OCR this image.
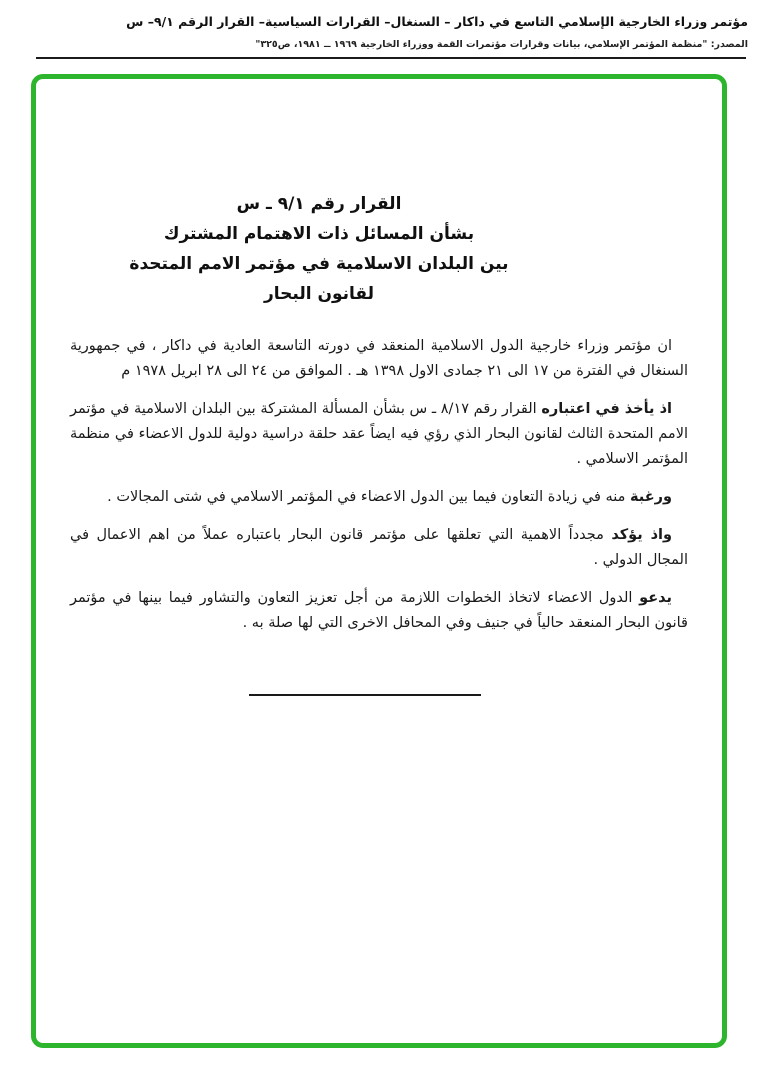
مؤتمر وزراء الخارجية الإسلامي التاسع في داكار – السنغال– القرارات السياسية– القرار الرقم ٩/١– س
المصدر: "منظمة المؤتمر الإسلامي، بيانات وقرارات مؤتمرات القمة ووزراء الخارجية ١٩٦٩ ــ ١٩٨١، ص٣٢٥"
القرار رقم ٩/١ ـ س
بشأن المسائل ذات الاهتمام المشترك
بين البلدان الاسلامية في مؤتمر الامم المتحدة
لقانون البحار

ان مؤتمر وزراء خارجية الدول الاسلامية المنعقد في دورته التاسعة العادية في داكار ، في جمهورية السنغال في الفترة من ١٧ الى ٢١ جمادى الاول ١٣٩٨ هـ . الموافق من ٢٤ الى ٢٨ ابريل ١٩٧٨ م

اذ يأخذ في اعتباره القرار رقم ٨/١٧ ـ س بشأن المسألة المشتركة بين البلدان الاسلامية في مؤتمر الامم المتحدة الثالث لقانون البحار الذي رؤي فيه ايضاً عقد حلقة دراسية دولية للدول الاعضاء في منظمة المؤتمر الاسلامي .

ورغبة منه في زيادة التعاون فيما بين الدول الاعضاء في المؤتمر الاسلامي في شتى المجالات .

واذ يؤكد مجدداً الاهمية التي تعلقها على مؤتمر قانون البحار باعتباره عملاً من اهم الاعمال في المجال الدولي .

يدعو الدول الاعضاء لاتخاذ الخطوات اللازمة من أجل تعزيز التعاون والتشاور فيما بينها في مؤتمر قانون البحار المنعقد حالياً في جنيف وفي المحافل الاخرى التي لها صلة به .
